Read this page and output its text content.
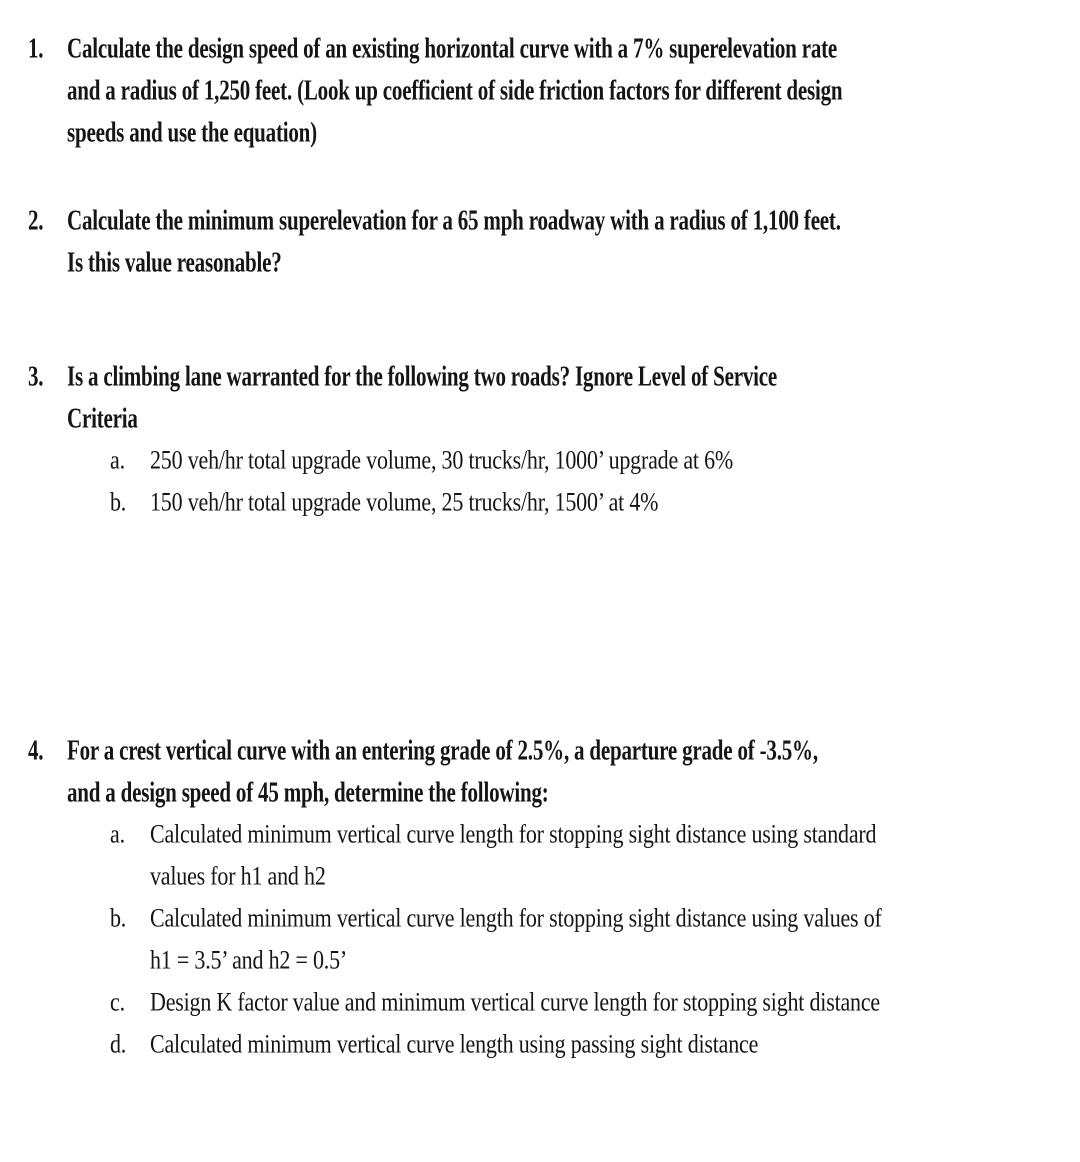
1. Calculate the design speed of an existing horizontal curve with a 7% superelevation rate
and a radius of 1,250 feet. (Look up coefficient of side friction factors for different design
speeds and use the equation)
2. Calculate the minimum superelevation for a 65 mph roadway with a radius of 1,100 feet.
Is this value reasonable?
3. Is a climbing lane warranted for the following two roads? Ignore Level of Service
Criteria
a. 250 veh/hr total upgrade volume, 30 trucks/hr, 1000’ upgrade at 6%
b. 150 veh/hr total upgrade volume, 25 trucks/hr, 1500’ at 4%
4. For a crest vertical curve with an entering grade of 2.5%, a departure grade of -3.5%,
and a design speed of 45 mph, determine the following:
a. Calculated minimum vertical curve length for stopping sight distance using standard
values for h1 and h2
b. Calculated minimum vertical curve length for stopping sight distance using values of
h1 = 3.5’ and h2 = 0.5’
c. Design K factor value and minimum vertical curve length for stopping sight distance
d. Calculated minimum vertical curve length using passing sight distance
